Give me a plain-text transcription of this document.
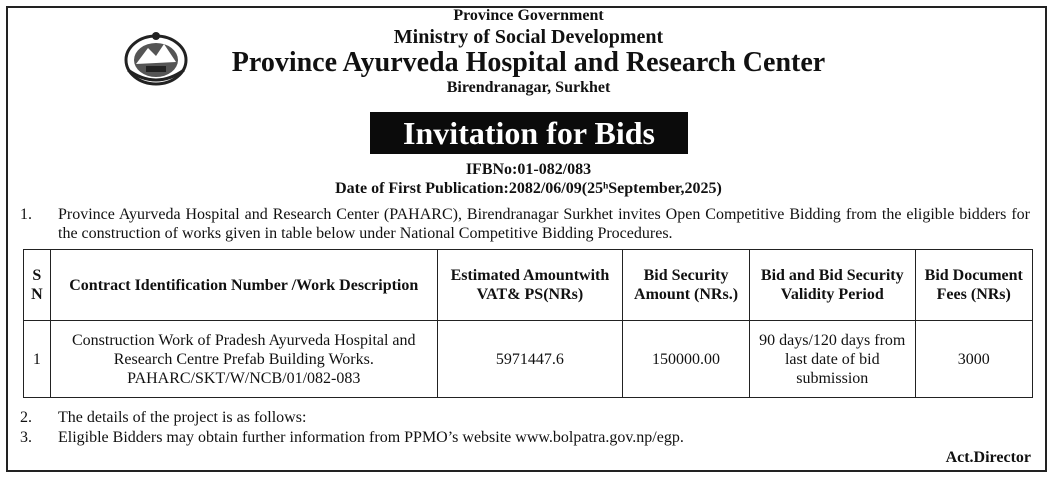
Province Government
Ministry of Social Development
Province Ayurveda Hospital and Research Center
Birendranagar, Surkhet
Invitation for Bids
IFBNo:01-082/083
Date of First Publication:2082/06/09(25ʰSeptember,2025)
1.	Province Ayurveda Hospital and Research Center (PAHARC), Birendranagar Surkhet invites Open Competitive Bidding from the eligible bidders for the construction of works given in table below under National Competitive Bidding Procedures.
S N	Contract Identification Number /Work Description	Estimated Amountwith VAT& PS(NRs)	Bid Security Amount (NRs.)	Bid and Bid Security Validity Period	Bid Document Fees (NRs)
1	Construction Work of Pradesh Ayurveda Hospital and Research Centre Prefab Building Works. PAHARC/SKT/W/NCB/01/082-083	5971447.6	150000.00	90 days/120 days from last date of bid submission	3000
2.	The details of the project is as follows:
3.	Eligible Bidders may obtain further information from PPMO’s website www.bolpatra.gov.np/egp.
Act.Director
